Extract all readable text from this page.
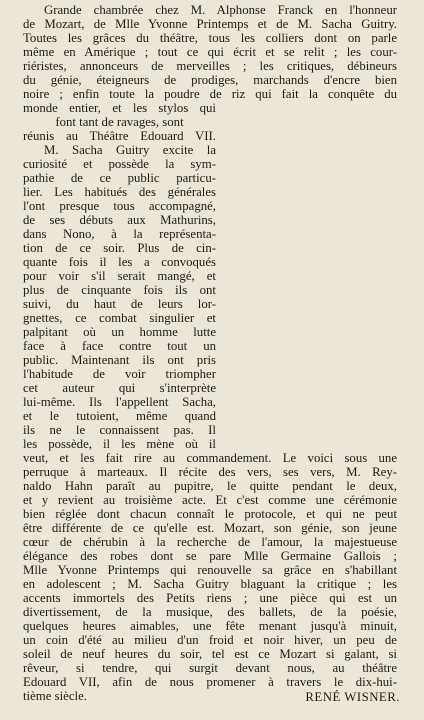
Grande chambrée chez M. Alphonse Franck en l'honneur
de Mozart, de Mlle Yvonne Printemps et de M. Sacha Guitry.
Toutes les grâces du théâtre, tous les colliers dont on parle
même en Amérique ; tout ce qui écrit et se relit ; les cour-
riéristes, annonceurs de merveilles ; les critiques, débineurs
du génie, éteigneurs de prodiges, marchands d'encre bien
noire ; enfin toute la poudre de riz qui fait la conquête du
monde entier, et les stylos qui
font tant de ravages, sont
réunis au Théâtre Edouard VII.
M. Sacha Guitry excite la
curiosité et possède la sym-
pathie de ce public particu-
lier. Les habitués des générales
l'ont presque tous accompagné,
de ses débuts aux Mathurins,
dans Nono, à la représenta-
tion de ce soir. Plus de cin-
quante fois il les a convoqués
pour voir s'il serait mangé, et
plus de cinquante fois ils ont
suivi, du haut de leurs lor-
gnettes, ce combat singulier et
palpitant où un homme lutte
face à face contre tout un
public. Maintenant ils ont pris
l'habitude de voir triompher
cet auteur qui s'interprète
lui-même. Ils l'appellent Sacha,
et le tutoient, même quand
ils ne le connaissent pas. Il
les possède, il les mène où il
veut, et les fait rire au commandement. Le voici sous une
perruque à marteaux. Il récite des vers, ses vers, M. Rey-
naldo Hahn paraît au pupitre, le quitte pendant le deux,
et y revient au troisième acte. Et c'est comme une cérémonie
bien réglée dont chacun connaît le protocole, et qui ne peut
être différente de ce qu'elle est. Mozart, son génie, son jeune
cœur de chérubin à la recherche de l'amour, la majestueuse
élégance des robes dont se pare Mlle Germaine Gallois ;
Mlle Yvonne Printemps qui renouvelle sa grâce en s'habillant
en adolescent ; M. Sacha Guitry blaguant la critique ; les
accents immortels des Petits riens ; une pièce qui est un
divertissement, de la musique, des ballets, de la poésie,
quelques heures aimables, une fête menant jusqu'à minuit,
un coin d'été au milieu d'un froid et noir hiver, un peu de
soleil de neuf heures du soir, tel est ce Mozart si galant, si
rêveur, si tendre, qui surgit devant nous, au théâtre
Edouard VII, afin de nous promener à travers le dix-hui-
tième siècle.	RENÉ WISNER.
